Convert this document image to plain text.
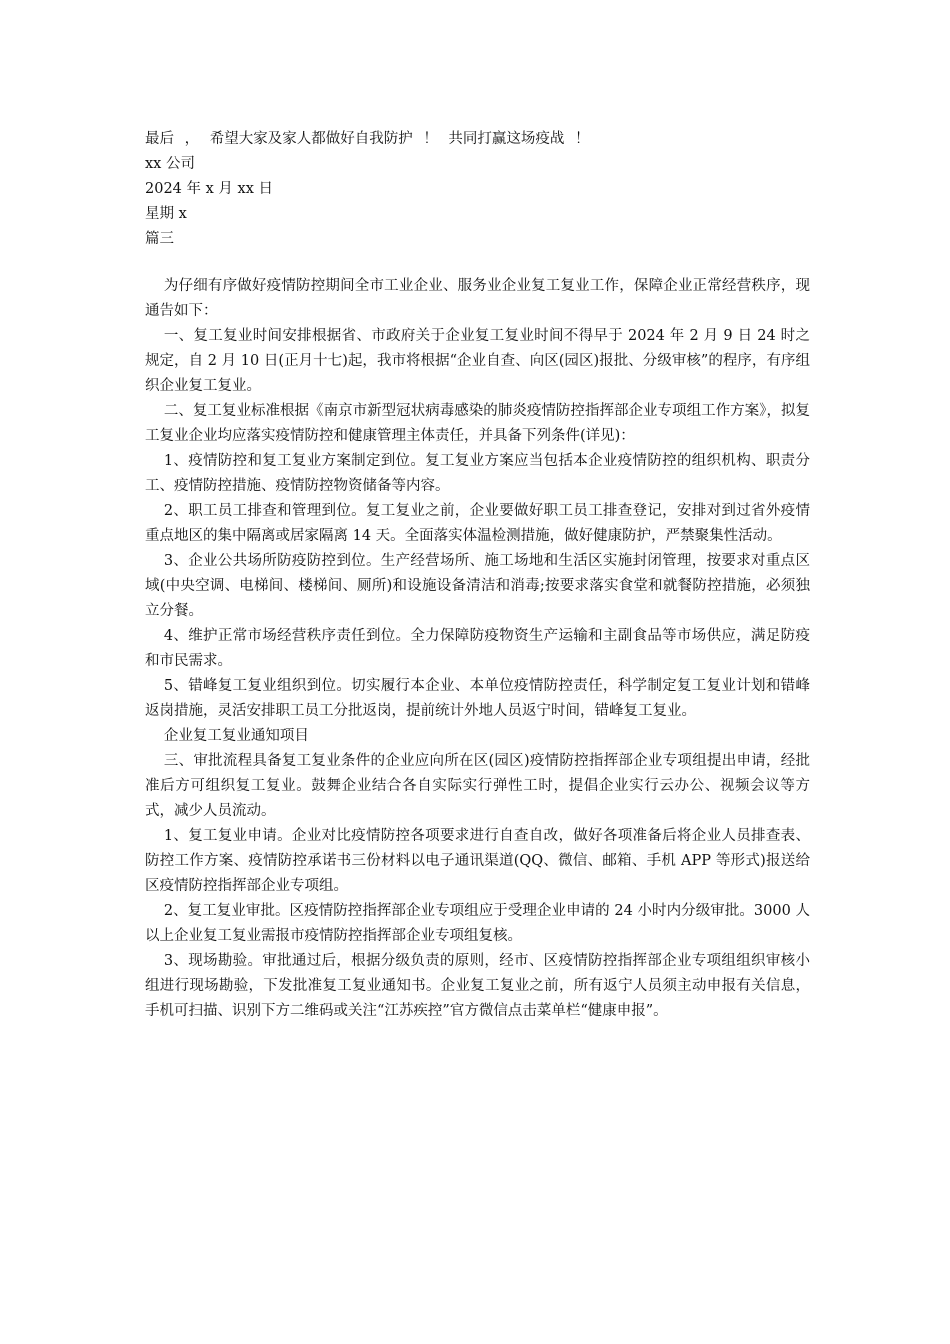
最后 ， 希望大家及家人都做好自我防护 ！ 共同打赢这场疫战 ！
xx 公司
2024 年 x 月 xx 日
星期 x
篇三

为仔细有序做好疫情防控期间全市工业企业、服务业企业复工复业工作，保障企业正常经营秩序，现通告如下：

一、复工复业时间安排根据省、市政府关于企业复工复业时间不得早于 2024 年 2 月 9 日 24 时之规定，自 2 月 10 日(正月十七)起，我市将根据“企业自查、向区(园区)报批、分级审核”的程序，有序组织企业复工复业。

二、复工复业标准根据《南京市新型冠状病毒感染的肺炎疫情防控指挥部企业专项组工作方案》，拟复工复业企业均应落实疫情防控和健康管理主体责任，并具备下列条件(详见)：

1、疫情防控和复工复业方案制定到位。复工复业方案应当包括本企业疫情防控的组织机构、职责分工、疫情防控措施、疫情防控物资储备等内容。

2、职工员工排查和管理到位。复工复业之前，企业要做好职工员工排查登记，安排对到过省外疫情重点地区的集中隔离或居家隔离 14 天。全面落实体温检测措施，做好健康防护，严禁聚集性活动。

3、企业公共场所防疫防控到位。生产经营场所、施工场地和生活区实施封闭管理，按要求对重点区域(中央空调、电梯间、楼梯间、厕所)和设施设备清洁和消毒;按要求落实食堂和就餐防控措施，必须独立分餐。

4、维护正常市场经营秩序责任到位。全力保障防疫物资生产运输和主副食品等市场供应，满足防疫和市民需求。

5、错峰复工复业组织到位。切实履行本企业、本单位疫情防控责任，科学制定复工复业计划和错峰返岗措施，灵活安排职工员工分批返岗，提前统计外地人员返宁时间，错峰复工复业。

企业复工复业通知项目

三、审批流程具备复工复业条件的企业应向所在区(园区)疫情防控指挥部企业专项组提出申请，经批准后方可组织复工复业。鼓舞企业结合各自实际实行弹性工时，提倡企业实行云办公、视频会议等方式，减少人员流动。

1、复工复业申请。企业对比疫情防控各项要求进行自查自改，做好各项准备后将企业人员排查表、防控工作方案、疫情防控承诺书三份材料以电子通讯渠道(QQ、微信、邮箱、手机 APP 等形式)报送给区疫情防控指挥部企业专项组。

2、复工复业审批。区疫情防控指挥部企业专项组应于受理企业申请的 24 小时内分级审批。3000 人以上企业复工复业需报市疫情防控指挥部企业专项组复核。

3、现场勘验。审批通过后，根据分级负责的原则，经市、区疫情防控指挥部企业专项组组织审核小组进行现场勘验，下发批准复工复业通知书。企业复工复业之前，所有返宁人员须主动申报有关信息，手机可扫描、识别下方二维码或关注“江苏疾控”官方微信点击菜单栏“健康申报”。
